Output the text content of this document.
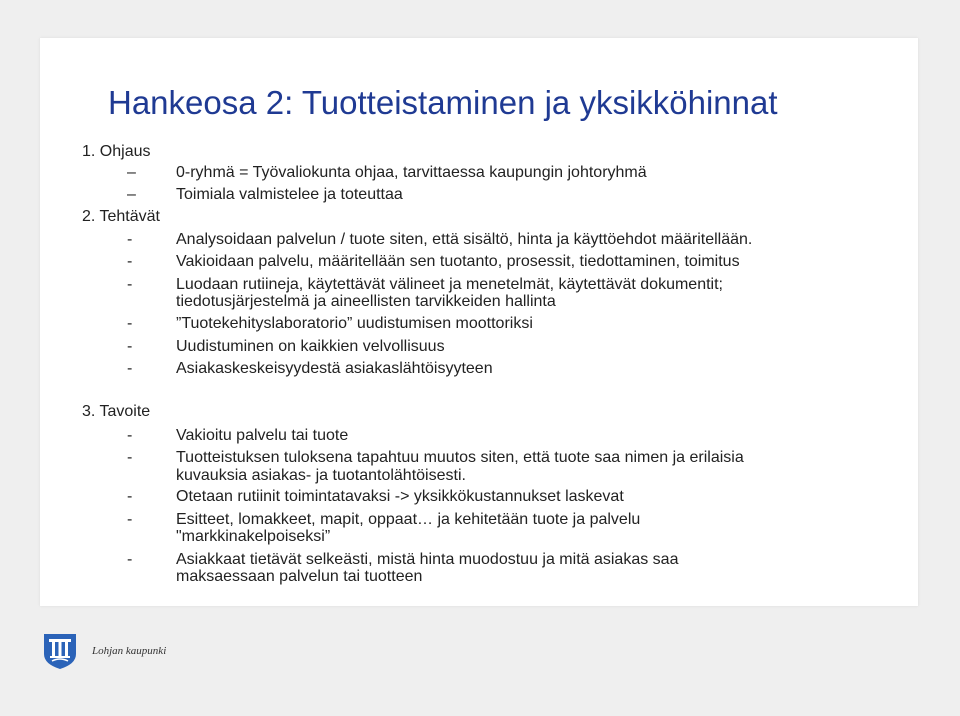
Hankeosa 2: Tuotteistaminen ja yksikköhinnat
1. Ohjaus
–	0-ryhmä = Työvaliokunta ohjaa, tarvittaessa kaupungin johtoryhmä
–	Toimiala valmistelee ja toteuttaa
2. Tehtävät
-	Analysoidaan palvelun / tuote siten, että sisältö, hinta ja käyttöehdot määritellään.
-	Vakioidaan palvelu, määritellään sen tuotanto, prosessit, tiedottaminen, toimitus
-	Luodaan rutiineja, käytettävät välineet ja menetelmät, käytettävät dokumentit;
tiedotusjärjestelmä ja aineellisten tarvikkeiden hallinta
-	”Tuotekehityslaboratorio” uudistumisen moottoriksi
-	Uudistuminen on kaikkien velvollisuus
-	Asiakaskeskeisyydestä asiakaslähtöisyyteen
3. Tavoite
-	Vakioitu palvelu tai tuote
-	Tuotteistuksen tuloksena tapahtuu muutos siten, että tuote saa nimen ja erilaisia
kuvauksia asiakas- ja tuotantolähtöisesti.
-	Otetaan rutiinit toimintatavaksi -> yksikkökustannukset laskevat
-	Esitteet, lomakkeet, mapit, oppaat… ja kehitetään tuote ja palvelu
"markkinakelpoiseksi”
-	Asiakkaat tietävät selkeästi, mistä hinta muodostuu ja mitä asiakas saa
maksaessaan palvelun tai tuotteen
Lohjan kaupunki
